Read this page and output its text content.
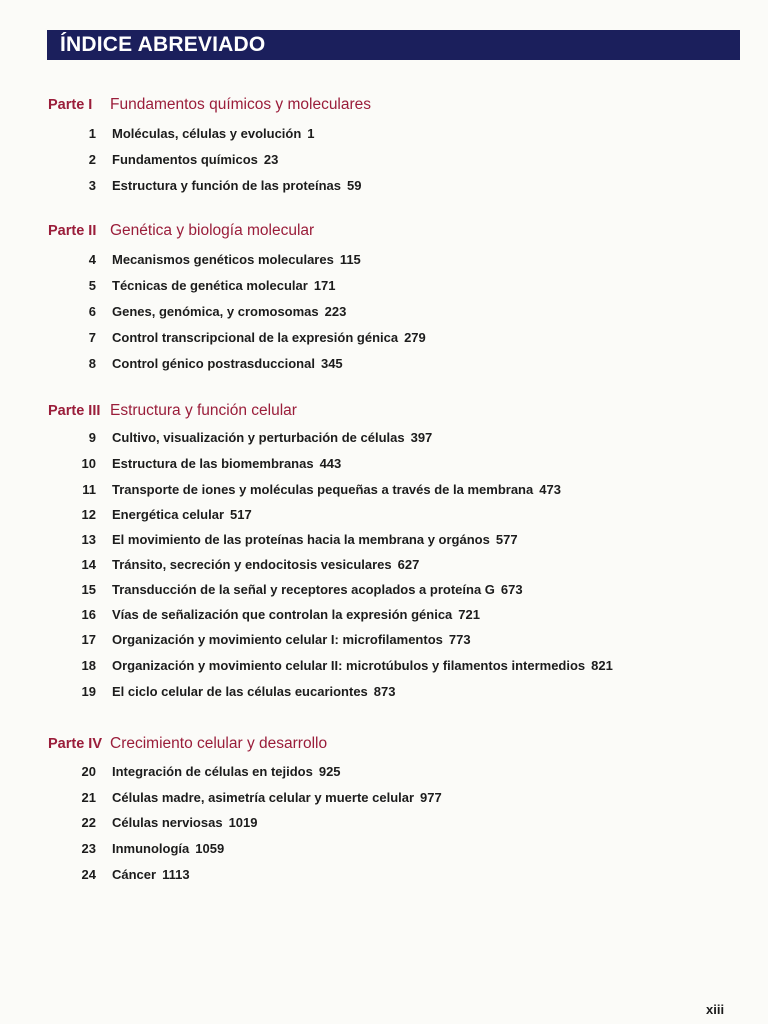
ÍNDICE ABREVIADO
Parte I Fundamentos químicos y moleculares
1 Moléculas, células y evolución 1
2 Fundamentos químicos 23
3 Estructura y función de las proteínas 59
Parte II Genética y biología molecular
4 Mecanismos genéticos moleculares 115
5 Técnicas de genética molecular 171
6 Genes, genómica, y cromosomas 223
7 Control transcripcional de la expresión génica 279
8 Control génico postrasduccional 345
Parte III Estructura y función celular
9 Cultivo, visualización y perturbación de células 397
10 Estructura de las biomembranas 443
11 Transporte de iones y moléculas pequeñas a través de la membrana 473
12 Energética celular 517
13 El movimiento de las proteínas hacia la membrana y orgános 577
14 Tránsito, secreción y endocitosis vesiculares 627
15 Transducción de la señal y receptores acoplados a proteína G 673
16 Vías de señalización que controlan la expresión génica 721
17 Organización y movimiento celular I: microfilamentos 773
18 Organización y movimiento celular II: microtúbulos y filamentos intermedios 821
19 El ciclo celular de las células eucariontes 873
Parte IV Crecimiento celular y desarrollo
20 Integración de células en tejidos 925
21 Células madre, asimetría celular y muerte celular 977
22 Células nerviosas 1019
23 Inmunología 1059
24 Cáncer 1113
xiii
